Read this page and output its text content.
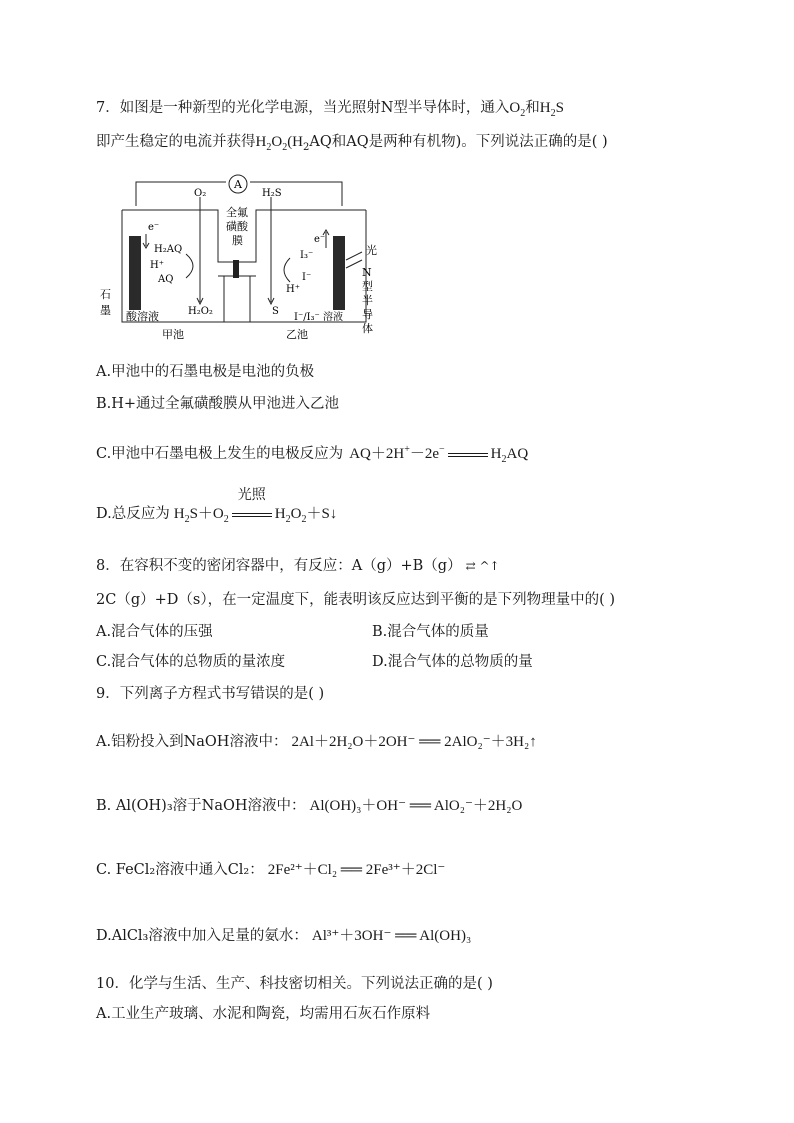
7．如图是一种新型的光化学电源，当光照射N型半导体时，通入$O_2$和$H_2S$
即产生稳定的电流并获得$H_2O_2(H_2AQ$和AQ是两种有机物)。下列说法正确的是( )
A
O₂	H₂S
全氟
磺酸
膜
e⁻
H₂AQ
H⁺
AQ
H₂O₂
石
墨 酸溶液
甲池
e⁻
I₃⁻
I⁻
H⁺
S
I⁻/I₃⁻ 溶液
乙池
光
N
型
半
导
体
A.甲池中的石墨电极是电池的负极
B.H+通过全氟磺酸膜从甲池进入乙池
C.甲池中石墨电极上发生的电极反应为 AQ＋2H+－2e−	$H_2AQ$
D.总反应为 $H_2S+O_2$
光照
$H_2O_2+S↓$
8．在容积不变的密闭容器中，有反应：A（g）+B（g） ⇄ ^↑
2C（g）+D（s），在一定温度下，能表明该反应达到平衡的是下列物理量中的( )
A.混合气体的压强	B.混合气体的质量
C.混合气体的总物质的量浓度	D.混合气体的总物质的量
9．下列离子方程式书写错误的是( )
A.铝粉投入到NaOH溶液中： 2Al＋2H₂O＋2OH⁻ ══ 2AlO₂⁻＋3H₂↑
B. Al(OH)₃溶于NaOH溶液中： Al(OH)₃＋OH⁻ ══ AlO₂⁻＋2H₂O
C. FeCl₂溶液中通入Cl₂： 2Fe²⁺＋Cl₂ ══ 2Fe³⁺＋2Cl⁻
D.AlCl₃溶液中加入足量的氨水： Al³⁺＋3OH⁻ ══ Al(OH)₃
10．化学与生活、生产、科技密切相关。下列说法正确的是( )
A.工业生产玻璃、水泥和陶瓷，均需用石灰石作原料
